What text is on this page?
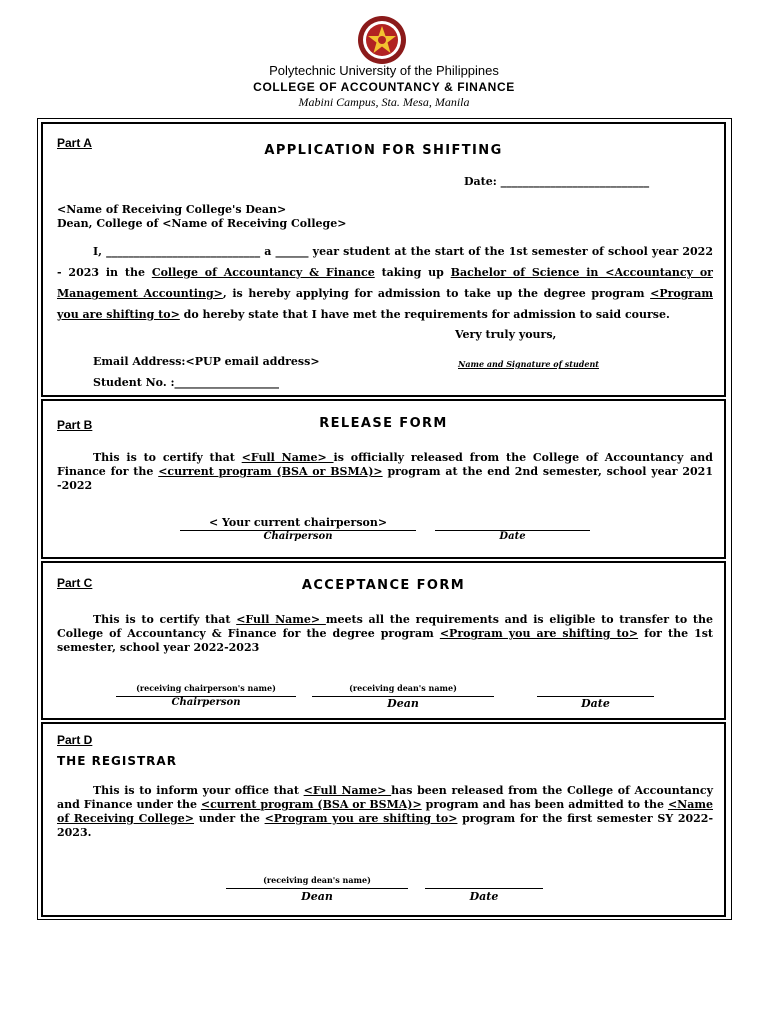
Polytechnic University of the Philippines
COLLEGE OF ACCOUNTANCY & FINANCE
Mabini Campus, Sta. Mesa, Manila
Part A	APPLICATION FOR SHIFTING
Date: ___________________________
<Name of Receiving College's Dean>
Dean, College of <Name of Receiving College>
I, ____________________________ a ______ year student at the start of the 1st semester of school year 2022 - 2023 in the College of Accountancy & Finance taking up Bachelor of Science in <Accountancy or Management Accounting>, is hereby applying for admission to take up the degree program <Program you are shifting to> do hereby state that I have met the requirements for admission to said course.
Very truly yours,
Email Address:<PUP email address>	Name and Signature of student
Student No. :___________________
Part B	RELEASE FORM
This is to certify that <Full Name> is officially released from the College of Accountancy and Finance for the <current program (BSA or BSMA)> program at the end 2nd semester, school year 2021 -2022
< Your current chairperson>
Chairperson	Date
Part C	ACCEPTANCE FORM
This is to certify that <Full Name> meets all the requirements and is eligible to transfer to the College of Accountancy & Finance for the degree program <Program you are shifting to> for the 1st semester, school year 2022-2023
(receiving chairperson's name)
Chairperson
(receiving dean's name)
Dean	Date
Part D
THE REGISTRAR
This is to inform your office that <Full Name> has been released from the College of Accountancy and Finance under the <current program (BSA or BSMA)> program and has been admitted to the <Name of Receiving College> under the <Program you are shifting to> program for the first semester SY 2022-2023.
(receiving dean's name)
Dean	Date
